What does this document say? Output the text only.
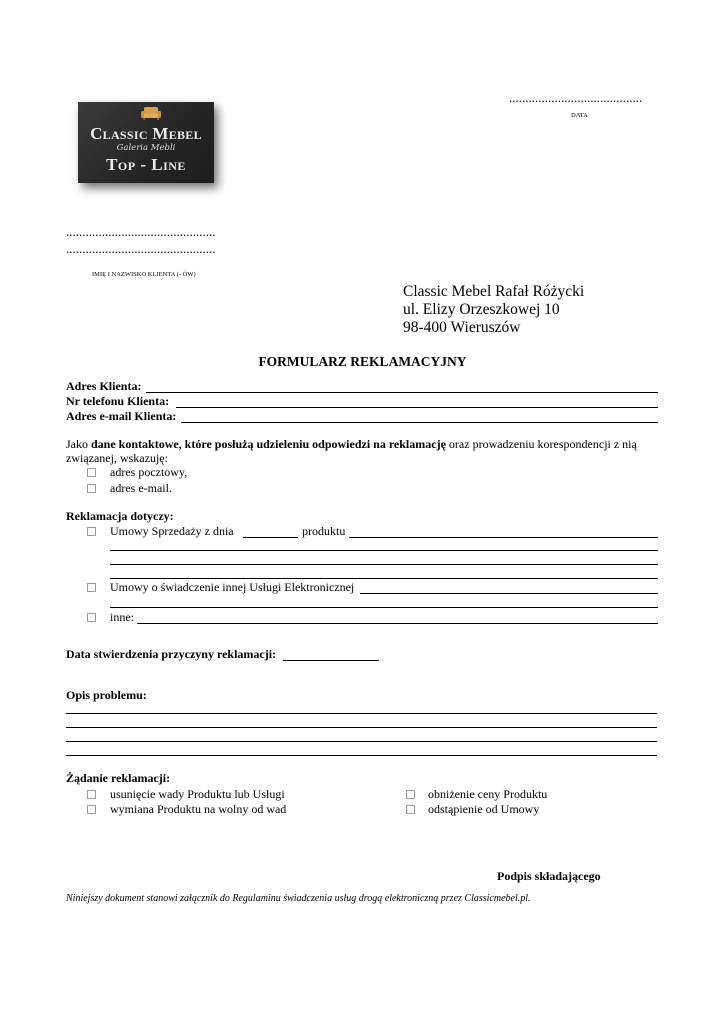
Classic Mebel
Galeria Mebli
Top - Line
.........................................
DATA
..............................................
..............................................
IMIĘ I NAZWISKO KLIENTA (- ÓW)
Classic Mebel Rafał Różycki
ul. Elizy Orzeszkowej 10
98-400 Wieruszów
FORMULARZ REKLAMACYJNY
Adres Klienta:
Nr telefonu Klienta:
Adres e-mail Klienta:
Jako dane kontaktowe, które posłużą udzieleniu odpowiedzi na reklamację oraz prowadzeniu korespondencji z nią
związanej, wskazuję:
adres pocztowy,
adres e-mail.
Reklamacja dotyczy:
Umowy Sprzedaży z dnia	produktu
Umowy o świadczenie innej Usługi Elektronicznej
inne:
Data stwierdzenia przyczyny reklamacji:
Opis problemu:
Żądanie reklamacji:
usunięcie wady Produktu lub Usługi
wymiana Produktu na wolny od wad
obniżenie ceny Produktu
odstąpienie od Umowy
Podpis składającego
Niniejszy dokument stanowi załącznik do Regulaminu świadczenia usług drogą elektroniczną przez Classicmebel.pl.
